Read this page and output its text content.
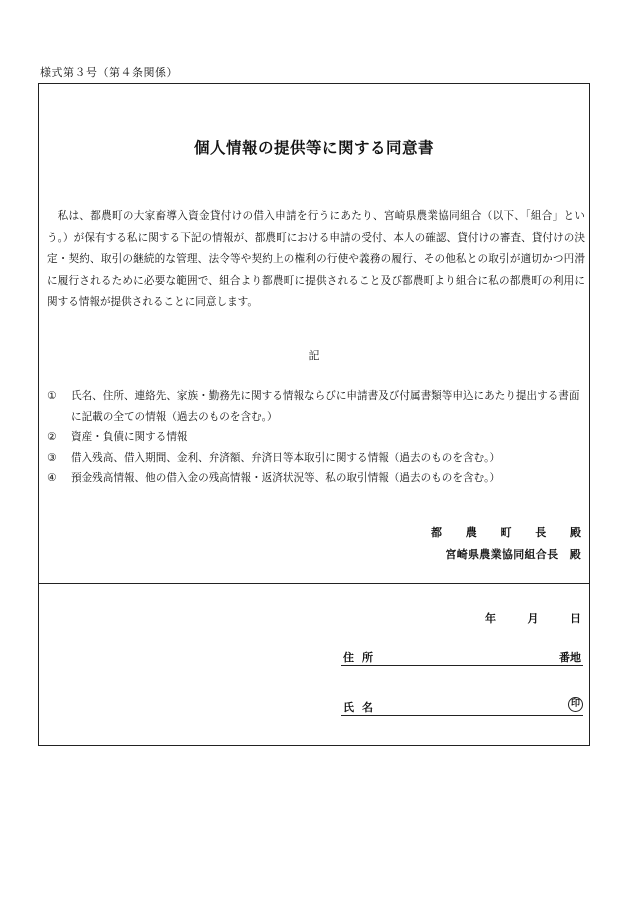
様式第３号（第４条関係）
個人情報の提供等に関する同意書
私は、都農町の大家畜導入資金貸付けの借入申請を行うにあたり、宮崎県農業協同組合（以下、「組合」という。）が保有する私に関する下記の情報が、都農町における申請の受付、本人の確認、貸付けの審査、貸付けの決定・契約、取引の継続的な管理、法令等や契約上の権利の行使や義務の履行、その他私との取引が適切かつ円滑に履行されるために必要な範囲で、組合より都農町に提供されること及び都農町より組合に私の都農町の利用に関する情報が提供されることに同意します。
記
①	氏名、住所、連絡先、家族・勤務先に関する情報ならびに申請書及び付属書類等申込にあたり提出する書面に記載の全ての情報（過去のものを含む。）
②	資産・負債に関する情報
③	借入残高、借入期間、金利、弁済額、弁済日等本取引に関する情報（過去のものを含む。）
④	預金残高情報、他の借入金の残高情報・返済状況等、私の取引情報（過去のものを含む。）
都 農 町 長 殿
宮崎県農業協同組合長　殿
年	月	日
住所	番地
氏名	印
